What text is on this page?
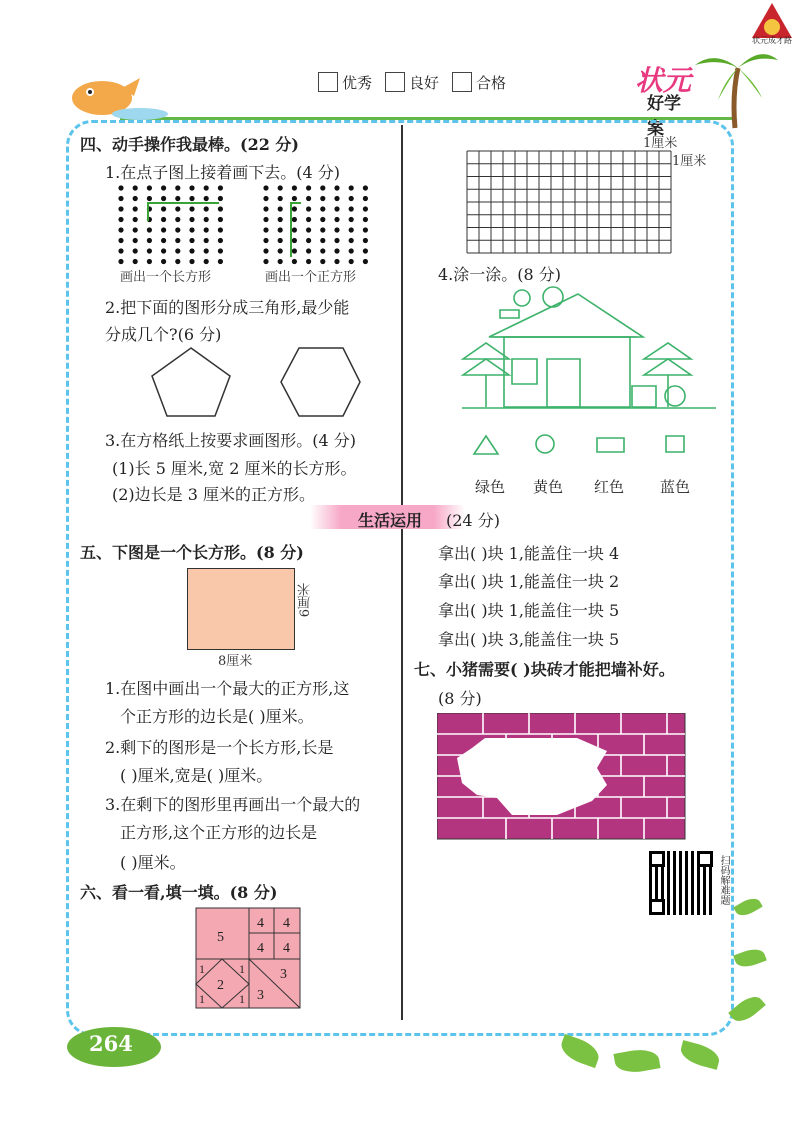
优秀 良好 合格	状元
好学案
状元成才路
四、动手操作我最棒。(22 分)
1.在点子图上接着画下去。(4 分)
画出一个长方形	画出一个正方形
2.把下面的图形分成三角形,最少能
分成几个?(6 分)
3.在方格纸上按要求画图形。(4 分)
(1)长 5 厘米,宽 2 厘米的长方形。
(2)边长是 3 厘米的正方形。
1厘米
1厘米
4.涂一涂。(8 分)
绿色 黄色 红色 蓝色
生活运用 (24 分)
五、下图是一个长方形。(8 分)
8厘米
6厘米
1.在图中画出一个最大的正方形,这
个正方形的边长是( )厘米。
2.剩下的图形是一个长方形,长是
( )厘米,宽是( )厘米。
3.在剩下的图形里再画出一个最大的
正方形,这个正方形的边长是
( )厘米。
六、看一看,填一填。(8 分)
5
4 4
4 4
1	1
1	1
2
3
3
拿出( )块 1,能盖住一块 4
拿出( )块 1,能盖住一块 2
拿出( )块 1,能盖住一块 5
拿出( )块 3,能盖住一块 5
七、小猪需要( )块砖才能把墙补好。
(8 分)
扫码解难题
264
